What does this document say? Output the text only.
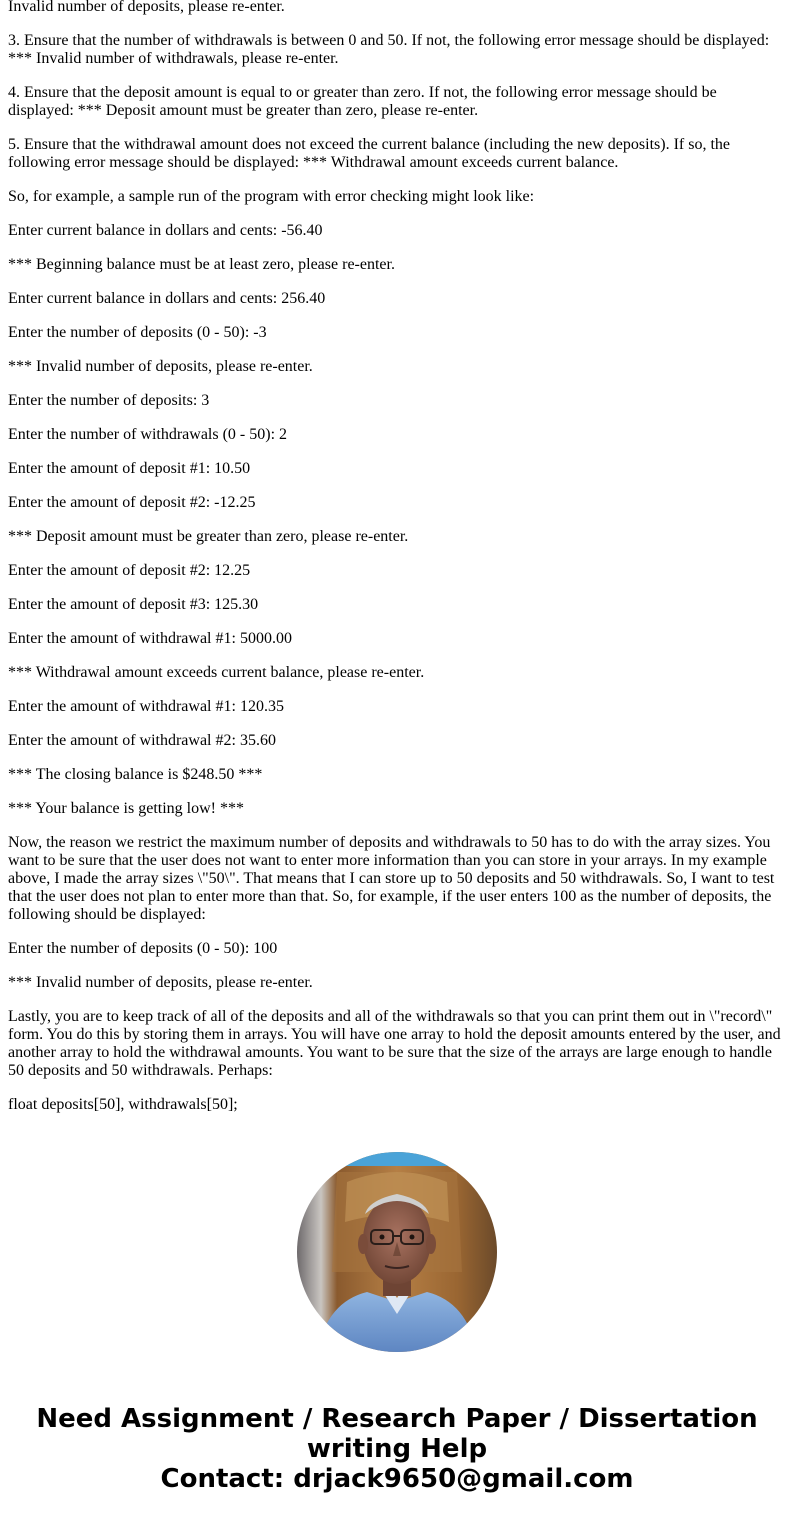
Invalid number of deposits, please re-enter.

3. Ensure that the number of withdrawals is between 0 and 50. If not, the following error message should be displayed: *** Invalid number of withdrawals, please re-enter.

4. Ensure that the deposit amount is equal to or greater than zero. If not, the following error message should be displayed: *** Deposit amount must be greater than zero, please re-enter.

5. Ensure that the withdrawal amount does not exceed the current balance (including the new deposits). If so, the following error message should be displayed: *** Withdrawal amount exceeds current balance.

So, for example, a sample run of the program with error checking might look like:

Enter current balance in dollars and cents: -56.40

*** Beginning balance must be at least zero, please re-enter.

Enter current balance in dollars and cents: 256.40

Enter the number of deposits (0 - 50): -3

*** Invalid number of deposits, please re-enter.

Enter the number of deposits: 3

Enter the number of withdrawals (0 - 50): 2

Enter the amount of deposit #1: 10.50

Enter the amount of deposit #2: -12.25

*** Deposit amount must be greater than zero, please re-enter.

Enter the amount of deposit #2: 12.25

Enter the amount of deposit #3: 125.30

Enter the amount of withdrawal #1: 5000.00

*** Withdrawal amount exceeds current balance, please re-enter.

Enter the amount of withdrawal #1: 120.35

Enter the amount of withdrawal #2: 35.60

*** The closing balance is $248.50 ***

*** Your balance is getting low! ***

Now, the reason we restrict the maximum number of deposits and withdrawals to 50 has to do with the array sizes. You want to be sure that the user does not want to enter more information than you can store in your arrays. In my example above, I made the array sizes \"50\". That means that I can store up to 50 deposits and 50 withdrawals. So, I want to test that the user does not plan to enter more than that. So, for example, if the user enters 100 as the number of deposits, the following should be displayed:

Enter the number of deposits (0 - 50): 100

*** Invalid number of deposits, please re-enter.

Lastly, you are to keep track of all of the deposits and all of the withdrawals so that you can print them out in \"record\" form. You do this by storing them in arrays. You will have one array to hold the deposit amounts entered by the user, and another array to hold the withdrawal amounts. You want to be sure that the size of the arrays are large enough to handle 50 deposits and 50 withdrawals. Perhaps:

float deposits[50], withdrawals[50];

Need Assignment / Research Paper / Dissertation
writing Help
Contact: drjack9650@gmail.com
